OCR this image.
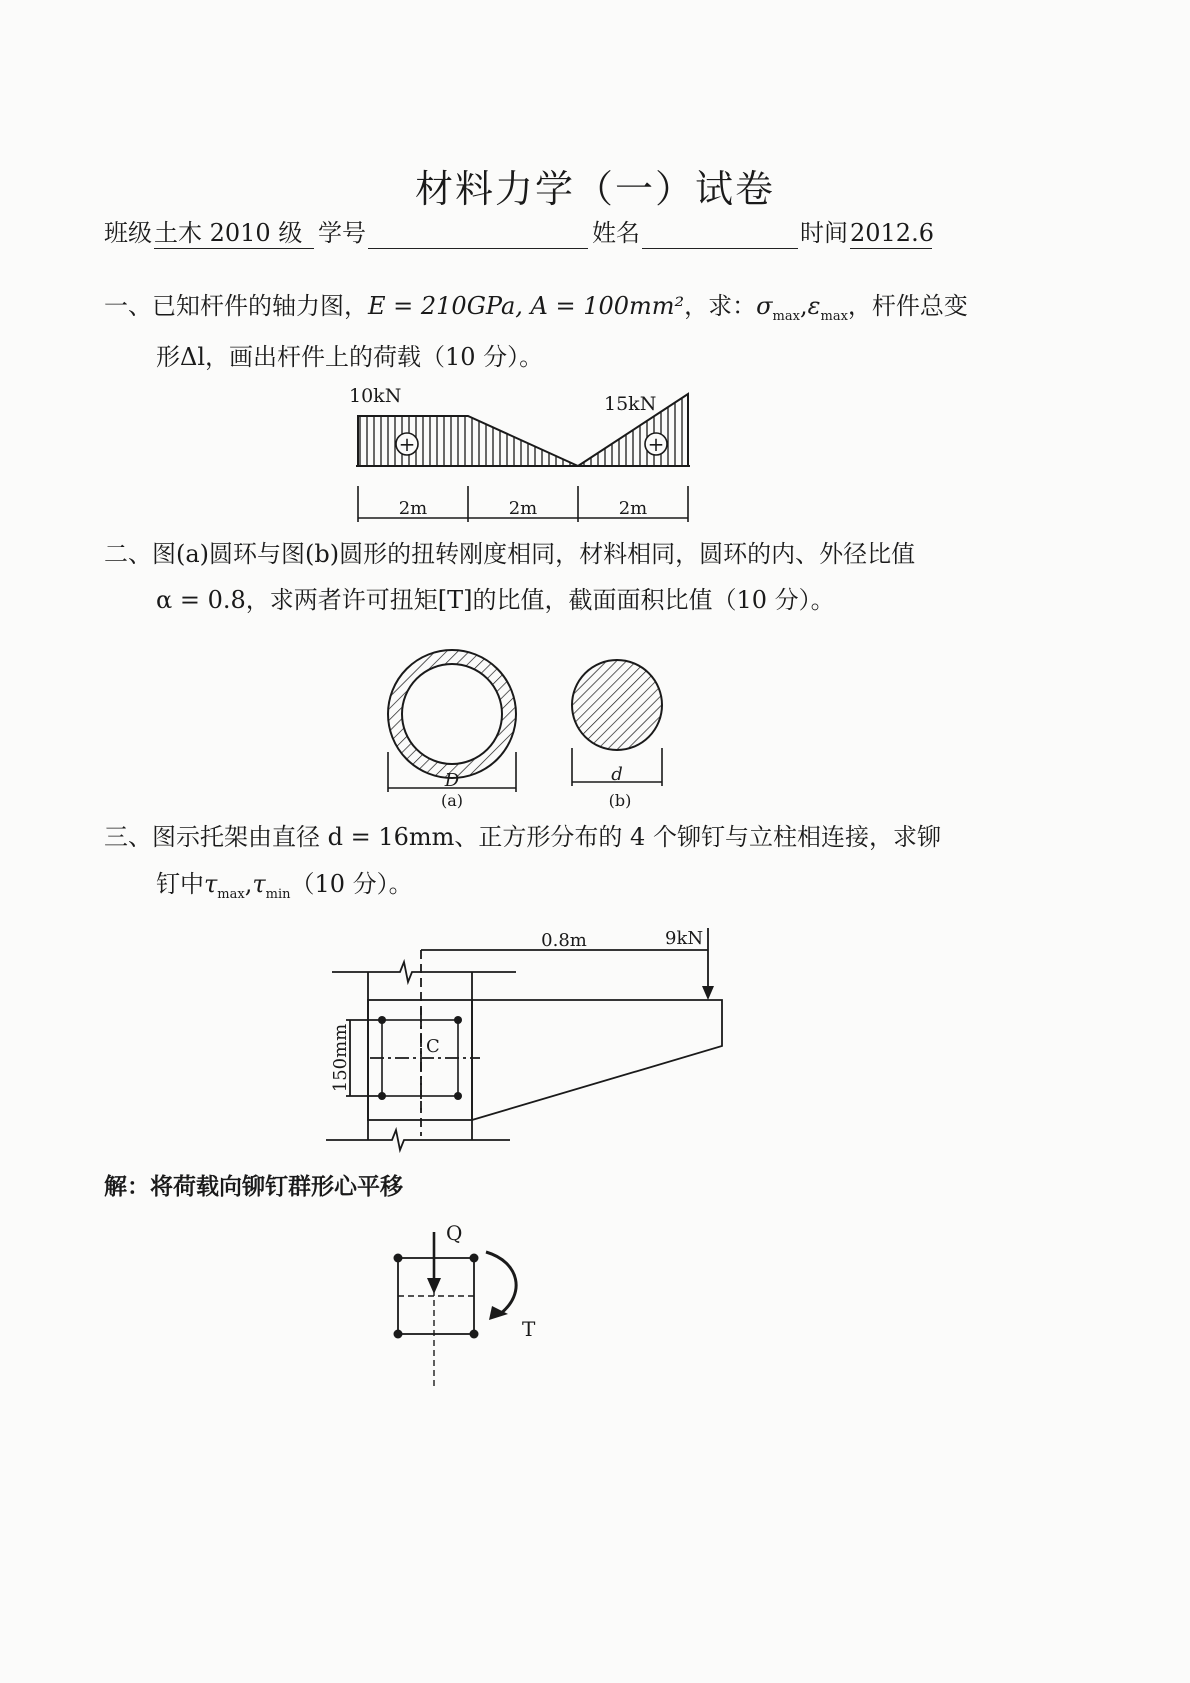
材料力学（一）试卷
班级 土木 2010 级 学号
	姓名
	时间 2012.6
一、已知杆件的轴力图，E = 210GPa, A = 100mm²，求：$\sigma_{max},\varepsilon_{max}$，杆件总变
形Δl，画出杆件上的荷载（10 分）。
10kN	15kN
+	+
2m	2m	2m
二、图(a)圆环与图(b)圆形的扭转刚度相同，材料相同，圆环的内、外径比值
α = 0.8，求两者许可扭矩[T]的比值，截面面积比值（10 分）。
D
(a)
d
(b)
三、图示托架由直径 d = 16mm、正方形分布的 4 个铆钉与立柱相连接，求铆
钉中$\tau_{max},\tau_{min}(10$ 分）。
0.8m	9kN
C
150mm
解：将荷载向铆钉群形心平移
Q
T
